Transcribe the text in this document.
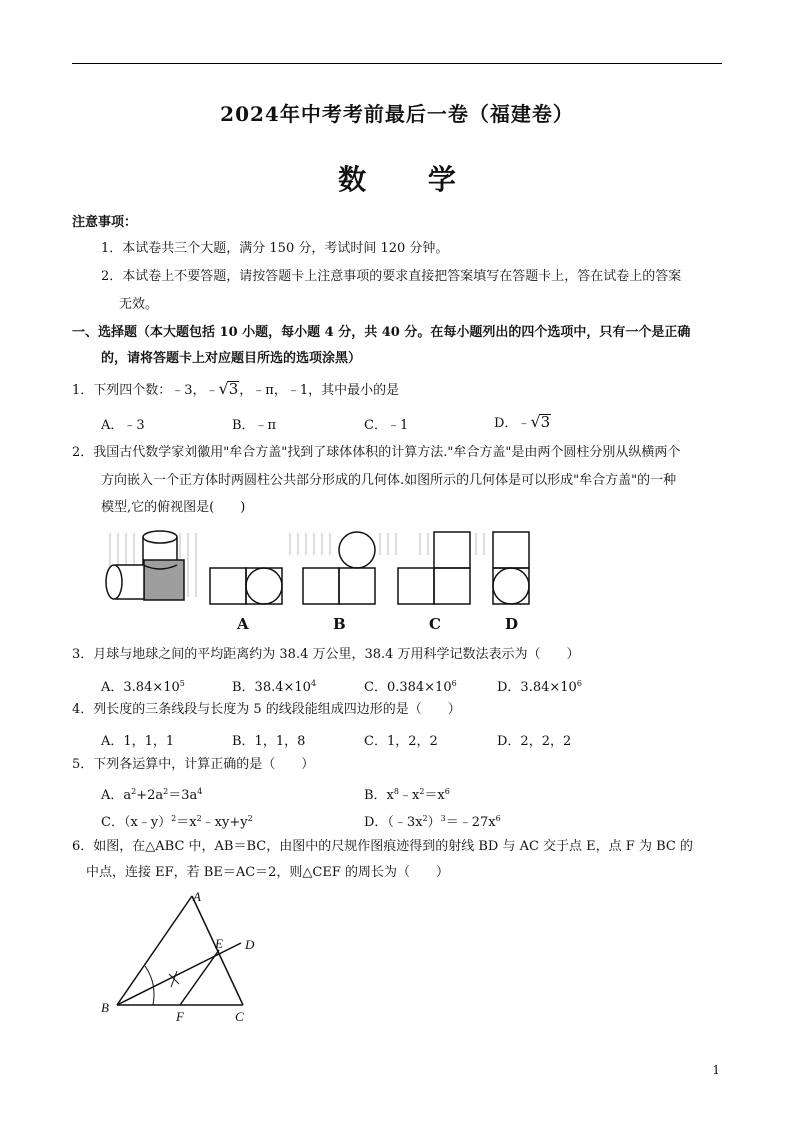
2024年中考考前最后一卷（福建卷）
数 学
注意事项：
1．本试卷共三个大题，满分 150 分，考试时间 120 分钟。
2．本试卷上不要答题，请按答题卡上注意事项的要求直接把答案填写在答题卡上，答在试卷上的答案
无效。
一、选择题（本大题包括 10 小题，每小题 4 分，共 40 分。在每小题列出的四个选项中，只有一个是正确
的，请将答题卡上对应题目所选的选项涂黑）
1．下列四个数：﹣3，﹣√3，﹣π，﹣1，其中最小的是
A．﹣3	B．﹣π	C．﹣1	D．﹣√3
2．我国古代数学家刘徽用"牟合方盖"找到了球体体积的计算方法."牟合方盖"是由两个圆柱分别从纵横两个
方向嵌入一个正方体时两圆柱公共部分形成的几何体.如图所示的几何体是可以形成"牟合方盖"的一种
模型,它的俯视图是(　　)
A	B	C	D
3．月球与地球之间的平均距离约为 38.4 万公里，38.4 万用科学记数法表示为（　　）
A．$3.84\times 10^5$	B．$38.4\times 10^4$	C．$0.384\times 10^6$	D．$3.84\times 10^6$
4．列长度的三条线段与长度为 5 的线段能组成四边形的是（　　）
A．1，1，1	B．1，1，8	C．1，2，2	D．2，2，2
5．下列各运算中，计算正确的是（　　）
A．$a^2+2a^2=3a^4$	B．$x^8﹣x^2=x^6$
C．$(x﹣y)^2=x^2﹣xy+y^2$	D．$(﹣3x^2)^3=﹣27x^6$
6．如图，在△ABC 中，AB＝BC，由图中的尺规作图痕迹得到的射线 BD 与 AC 交于点 E，点 F 为 BC 的
中点，连接 EF，若 BE＝AC＝2，则△CEF 的周长为（　　）
A
B
C
D
E
F
1
